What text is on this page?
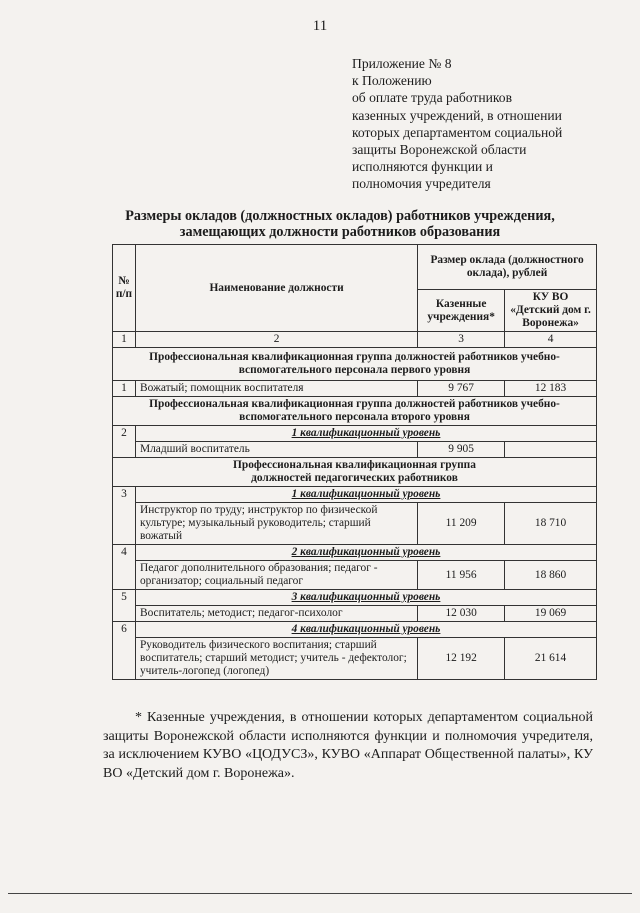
11
Приложение № 8
к Положению
об оплате труда работников
казенных учреждений, в отношении
которых департаментом социальной
защиты Воронежской области
исполняются функции и
полномочия учредителя
Размеры окладов (должностных окладов) работников учреждения,
замещающих должности работников образования
№ п/п	Наименование должности	Размер оклада (должностного оклада), рублей	
		Казенные учреждения*	КУ ВО «Детский дом г. Воронежа»
1	2	3	4
Профессиональная квалификационная группа должностей работников учебно-вспомогательного персонала первого уровня			
1	Вожатый; помощник воспитателя	9 767	12 183
Профессиональная квалификационная группа должностей работников учебно-вспомогательного персонала второго уровня			
2	1 квалификационный уровень		
	Младший воспитатель	9 905	
Профессиональная квалификационная группа должностей педагогических работников			
3	1 квалификационный уровень		
	Инструктор по труду; инструктор по физической культуре; музыкальный руководитель; старший вожатый	11 209	18 710
4	2 квалификационный уровень		
	Педагог дополнительного образования; педагог - организатор; социальный педагог	11 956	18 860
5	3 квалификационный уровень		
	Воспитатель; методист; педагог-психолог	12 030	19 069
6	4 квалификационный уровень		
	Руководитель физического воспитания; старший воспитатель; старший методист; учитель - дефектолог; учитель-логопед (логопед)	12 192	21 614

* Казенные учреждения, в отношении которых департаментом социальной защиты Воронежской области исполняются функции и полномочия учредителя, за исключением КУВО «ЦОДУСЗ», КУВО «Аппарат Общественной палаты», КУ ВО «Детский дом г. Воронежа».
